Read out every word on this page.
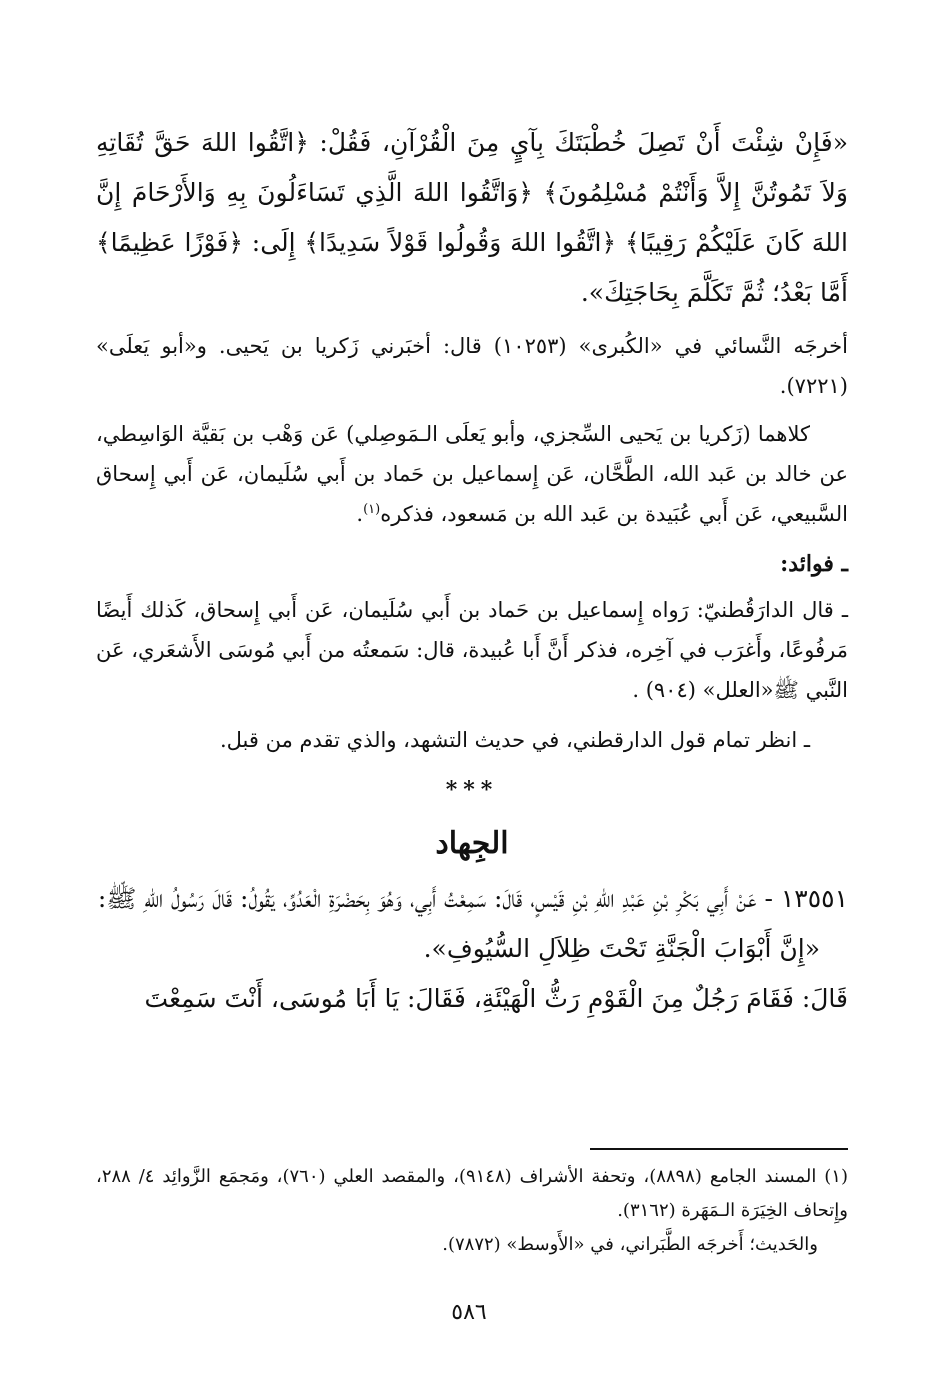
«فَإِنْ شِئْتَ أَنْ تَصِلَ خُطْبَتَكَ بِآيٍ مِنَ الْقُرْآنِ، فَقُلْ: ﴿اتَّقُوا اللهَ حَقَّ تُقَاتِهِ وَلاَ تَمُوتُنَّ إِلاَّ وَأَنْتُمْ مُسْلِمُونَ﴾ ﴿وَاتَّقُوا اللهَ الَّذِي تَسَاءَلُونَ بِهِ وَالأَرْحَامَ إِنَّ اللهَ كَانَ عَلَيْكُمْ رَقِيبًا﴾ ﴿اتَّقُوا اللهَ وَقُولُوا قَوْلاً سَدِيدًا﴾ إِلَى: ﴿فَوْزًا عَظِيمًا﴾ أَمَّا بَعْدُ؛ ثُمَّ تَكَلَّمَ بِحَاجَتِكَ».

أخرجَه النَّسائي في «الكُبرى» (١٠٢٥٣) قال: أخبَرني زَكريا بن يَحيى. و«أبو يَعلَى» (٧٢٢١).

كلاهما (زَكريا بن يَحيى السِّجزي، وأبو يَعلَى الـمَوصِلي) عَن وَهْب بن بَقيَّة الوَاسِطي، عن خالد بن عَبد الله، الطَّحَّان، عَن إِسماعيل بن حَماد بن أَبي سُلَيمان، عَن أَبي إِسحاق السَّبيعي، عَن أَبي عُبَيدة بن عَبد الله بن مَسعود، فذكره$^{(١)}$.

ـ فوائد:

ـ قال الدارَقُطنيّ: رَواه إِسماعيل بن حَماد بن أَبي سُلَيمان، عَن أَبي إِسحاق، كَذلك أَيضًا مَرفُوعًا، وأَغرَب في آخِره، فذكر أَنَّ أَبا عُبيدة، قال: سَمعتُه من أَبي مُوسَى الأَشعَري، عَن النَّبي ﷺ«العلل» (٩٠٤) .

ـ انظر تمام قول الدارقطني، في حديث التشهد، والذي تقدم من قبل.

***
الجِهاد

١٣٥٥١ - عَنْ أَبِي بَكْرِ بْنِ عَبْدِ اللهِ بْنِ قَيْسٍ، قَالَ: سَمِعْتُ أَبِي، وَهُوَ بِحَضْرَةِ الْعَدُوِّ، يَقُولُ: قَالَ رَسُولُ اللهِ ﷺ:

«إِنَّ أَبْوَابَ الْجَنَّةِ تَحْتَ ظِلاَلِ السُّيُوفِ».

قَالَ: فَقَامَ رَجُلٌ مِنَ الْقَوْمِ رَثُّ الْهَيْئَةِ، فَقَالَ: يَا أَبَا مُوسَى، أَنْتَ سَمِعْتَ

(١) المسند الجامع (٨٨٩٨)، وتحفة الأشراف (٩١٤٨)، والمقصد العلي (٧٦٠)، ومَجمَع الزَّوائِد ٤/ ٢٨٨، وإِتحاف الخِيَرَة الـمَهَرة (٣١٦٢).

والحَديث؛ أَخرجَه الطَّبَراني، في «الأَوسط» (٧٨٧٢).

٥٨٦
